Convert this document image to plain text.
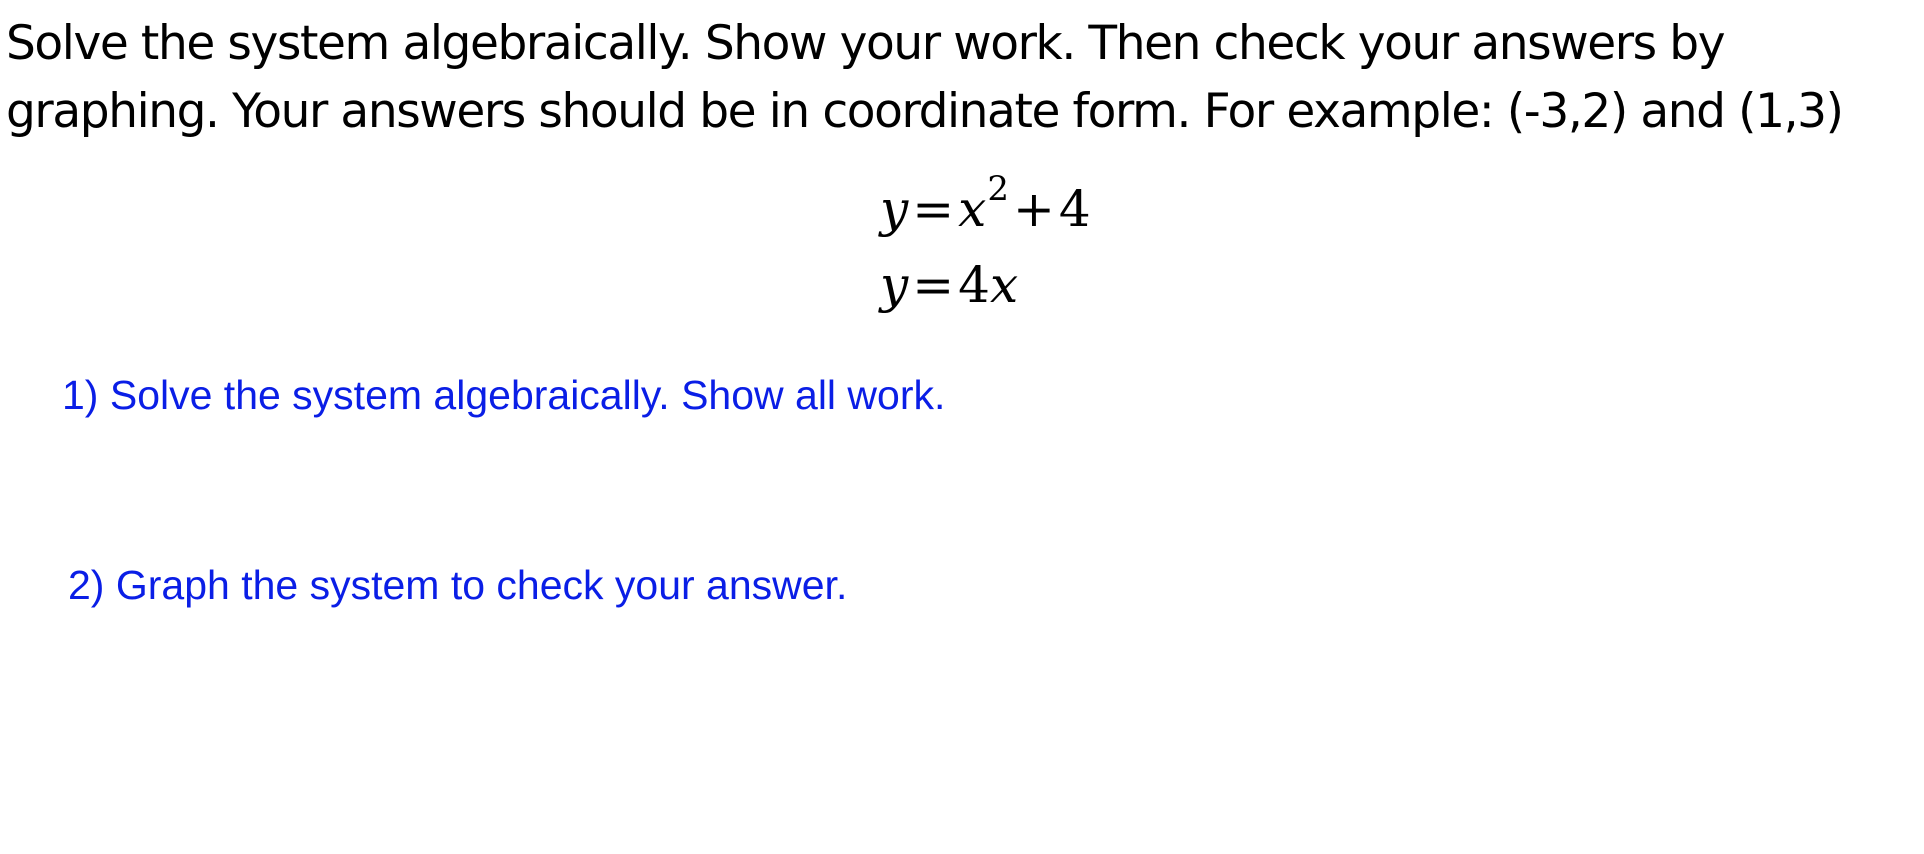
Solve the system algebraically. Show your work. Then check your answers by
graphing. Your answers should be in coordinate form. For example: (-3,2) and (1,3)
$y=x^2+4$
y=4x
1) Solve the system algebraically. Show all work.
2) Graph the system to check your answer.
